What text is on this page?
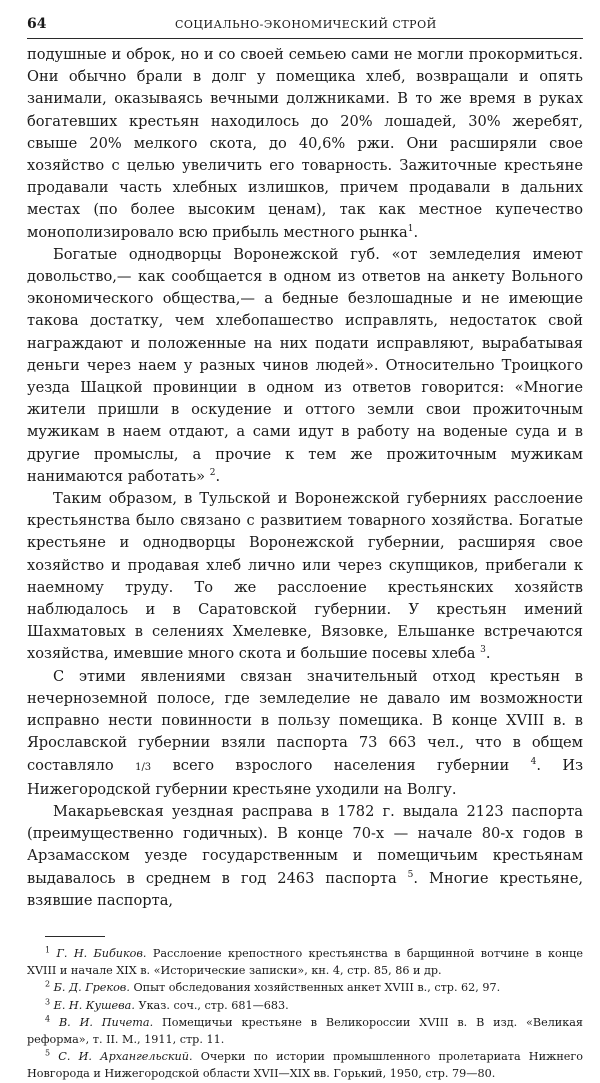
64	СОЦИАЛЬНО-ЭКОНОМИЧЕСКИЙ СТРОЙ

подушные и оброк, но и со своей семьею сами не могли прокормиться. Они обычно брали в долг у помещика хлеб, возвращали и опять занимали, оказываясь вечными должниками. В то же время в руках богатевших крестьян находилось до 20% лошадей, 30% жеребят, свыше 20% мелкого скота, до 40,6% ржи. Они расширяли свое хозяйство с целью увеличить его товарность. Зажиточные крестьяне продавали часть хлебных излишков, причем продавали в дальних местах (по более высоким ценам), так как местное купечество монополизировало всю прибыль местного рынка$^1$.

Богатые однодворцы Воронежской губ. «от земледелия имеют довольство,— как сообщается в одном из ответов на анкету Вольного экономического общества,— а бедные безлошадные и не имеющие такова достатку, чем хлебопашество исправлять, недостаток свой награждают и положенные на них подати исправляют, вырабатывая деньги через наем у разных чинов людей». Относительно Троицкого уезда Шацкой провинции в одном из ответов говорится: «Многие жители пришли в оскудение и оттого земли свои прожиточным мужикам в наем отдают, а сами идут в работу на воденые суда и в другие промыслы, а прочие к тем же прожиточным мужикам нанимаются работать» $^2$.

Таким образом, в Тульской и Воронежской губерниях расслоение крестьянства было связано с развитием товарного хозяйства. Богатые крестьяне и однодворцы Воронежской губернии, расширяя свое хозяйство и продавая хлеб лично или через скупщиков, прибегали к наемному труду. То же расслоение крестьянских хозяйств наблюдалось и в Саратовской губернии. У крестьян имений Шахматовых в селениях Хмелевке, Вязовке, Ельшанке встречаются хозяйства, имевшие много скота и большие посевы хлеба $^3$.

С этими явлениями связан значительный отход крестьян в нечерноземной полосе, где земледелие не давало им возможности исправно нести повинности в пользу помещика. В конце XVIII в. в Ярославской губернии взяли паспорта 73 663 чел., что в общем составляло 1/3 всего взрослого населения губернии $^4$. Из Нижегородской губернии крестьяне уходили на Волгу.

Макарьевская уездная расправа в 1782 г. выдала 2123 паспорта (преимущественно годичных). В конце 70-х — начале 80-х годов в Арзамасском уезде государственным и помещичьим крестьянам выдавалось в среднем в год 2463 паспорта $^5$. Многие крестьяне, взявшие паспорта,

$^1$ Г. Н. Бибиков. Расслоение крепостного крестьянства в барщинной вотчине в конце XVIII и начале XIX в. «Исторические записки», кн. 4, стр. 85, 86 и др.

$^2$ Б. Д. Греков. Опыт обследования хозяйственных анкет XVIII в., стр. 62, 97.

$^3$ Е. Н. Кушева. Указ. соч., стр. 681—683.

$^4$ В. И. Пичета. Помещичьи крестьяне в Великороссии XVIII в. В изд. «Великая реформа», т. II. М., 1911, стр. 11.

$^5$ С. И. Архангельский. Очерки по истории промышленного пролетариата Нижнего Новгорода и Нижегородской области XVII—XIX вв. Горький, 1950, стр. 79—80.
